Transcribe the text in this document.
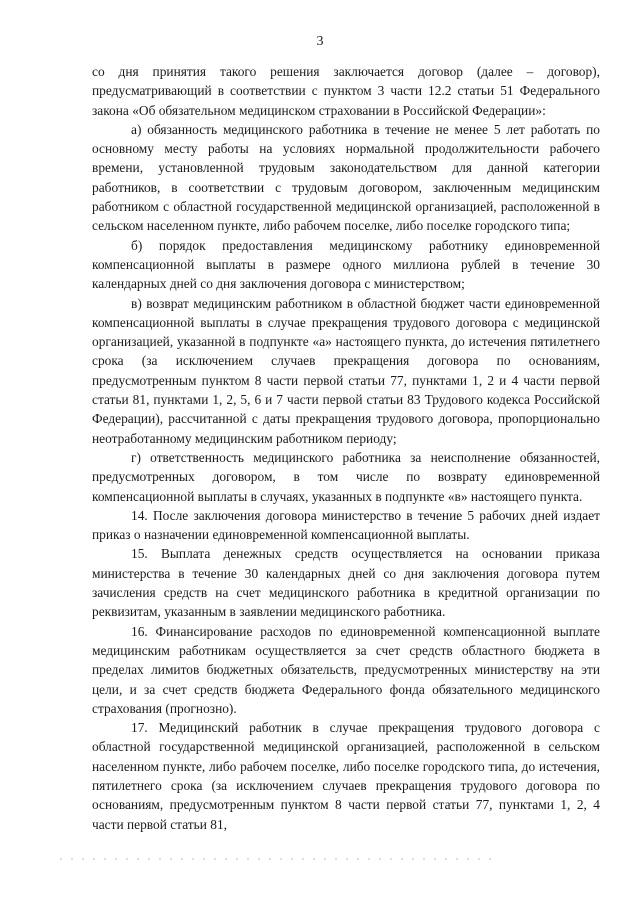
3

со дня принятия такого решения заключается договор (далее – договор), предусматривающий в соответствии с пунктом 3 части 12.2 статьи 51 Федерального закона «Об обязательном медицинском страховании в Российской Федерации»:

а) обязанность медицинского работника в течение не менее 5 лет работать по основному месту работы на условиях нормальной продолжительности рабочего времени, установленной трудовым законодательством для данной категории работников, в соответствии с трудовым договором, заключенным медицинским работником с областной государственной медицинской организацией, расположенной в сельском населенном пункте, либо рабочем поселке, либо поселке городского типа;

б) порядок предоставления медицинскому работнику единовременной компенсационной выплаты в размере одного миллиона рублей в течение 30 календарных дней со дня заключения договора с министерством;

в) возврат медицинским работником в областной бюджет части единовременной компенсационной выплаты в случае прекращения трудового договора с медицинской организацией, указанной в подпункте «а» настоящего пункта, до истечения пятилетнего срока (за исключением случаев прекращения договора по основаниям, предусмотренным пунктом 8 части первой статьи 77, пунктами 1, 2 и 4 части первой статьи 81, пунктами 1, 2, 5, 6 и 7 части первой статьи 83 Трудового кодекса Российской Федерации), рассчитанной с даты прекращения трудового договора, пропорционально неотработанному медицинским работником периоду;

г) ответственность медицинского работника за неисполнение обязанностей, предусмотренных договором, в том числе по возврату единовременной компенсационной выплаты в случаях, указанных в подпункте «в» настоящего пункта.

14. После заключения договора министерство в течение 5 рабочих дней издает приказ о назначении единовременной компенсационной выплаты.

15. Выплата денежных средств осуществляется на основании приказа министерства в течение 30 календарных дней со дня заключения договора путем зачисления средств на счет медицинского работника в кредитной организации по реквизитам, указанным в заявлении медицинского работника.

16. Финансирование расходов по единовременной компенсационной выплате медицинским работникам осуществляется за счет средств областного бюджета в пределах лимитов бюджетных обязательств, предусмотренных министерству на эти цели, и за счет средств бюджета Федерального фонда обязательного медицинского страхования (прогнозно).

17. Медицинский работник в случае прекращения трудового договора с областной государственной медицинской организацией, расположенной в сельском населенном пункте, либо рабочем поселке, либо поселке городского типа, до истечения, пятилетнего срока (за исключением случаев прекращения трудового договора по основаниям, предусмотренным пунктом 8 части первой статьи 77, пунктами 1, 2, 4 части первой статьи 81,
